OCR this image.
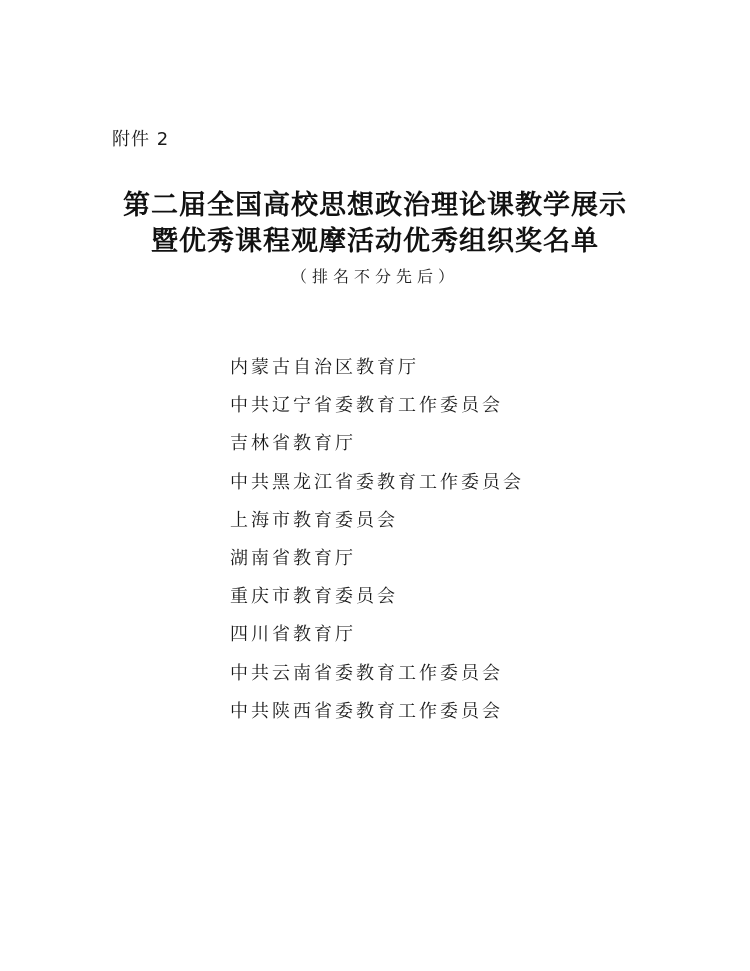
附件 2
第二届全国高校思想政治理论课教学展示
暨优秀课程观摩活动优秀组织奖名单
（排名不分先后）
内蒙古自治区教育厅
中共辽宁省委教育工作委员会
吉林省教育厅
中共黑龙江省委教育工作委员会
上海市教育委员会
湖南省教育厅
重庆市教育委员会
四川省教育厅
中共云南省委教育工作委员会
中共陕西省委教育工作委员会
